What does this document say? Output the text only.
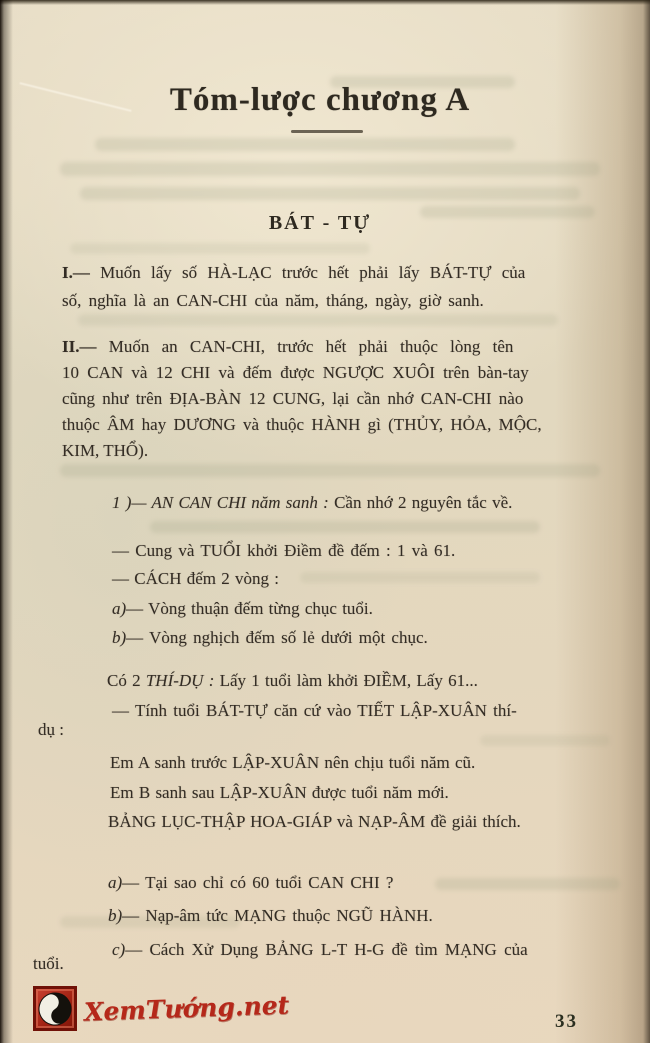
Tóm-lược chương A
BÁT - TỰ
I.— Muốn lấy số HÀ-LẠC trước hết phải lấy BÁT-TỰ của
số, nghĩa là an CAN-CHI của năm, tháng, ngày, giờ sanh.
II.— Muốn an CAN-CHI, trước hết phải thuộc lòng tên
10 CAN và 12 CHI và đếm được NGƯỢC XUÔI trên bàn-tay
cũng như trên ĐỊA-BÀN 12 CUNG, lại cần nhớ CAN-CHI nào
thuộc ÂM hay DƯƠNG và thuộc HÀNH gì (THỦY, HỎA, MỘC,
KIM, THỔ).
1 )— AN CAN CHI năm sanh : Cần nhớ 2 nguyên tắc về.
— Cung và TUỔI khởi Điềm đề đếm : 1 và 61.
— CÁCH đếm 2 vòng :
a)— Vòng thuận đếm từng chục tuổi.
b)— Vòng nghịch đếm số lẻ dưới một chục.
Có 2 THÍ-DỤ : Lấy 1 tuổi làm khởi ĐIỀM, Lấy 61...
— Tính tuổi BÁT-TỰ căn cứ vào TIẾT LẬP-XUÂN thí-
dụ :
Em A sanh trước LẬP-XUÂN nên chịu tuổi năm cũ.
Em B sanh sau LẬP-XUÂN được tuổi năm mới.
BẢNG LỤC-THẬP HOA-GIÁP và NẠP-ÂM đề giải thích.
a)— Tại sao chỉ có 60 tuổi CAN CHI ?
b)— Nạp-âm tức MẠNG thuộc NGŨ HÀNH.
c)— Cách Xử Dụng BẢNG L-T H-G đề tìm MẠNG của
tuổi.
XemTướng.net	33
